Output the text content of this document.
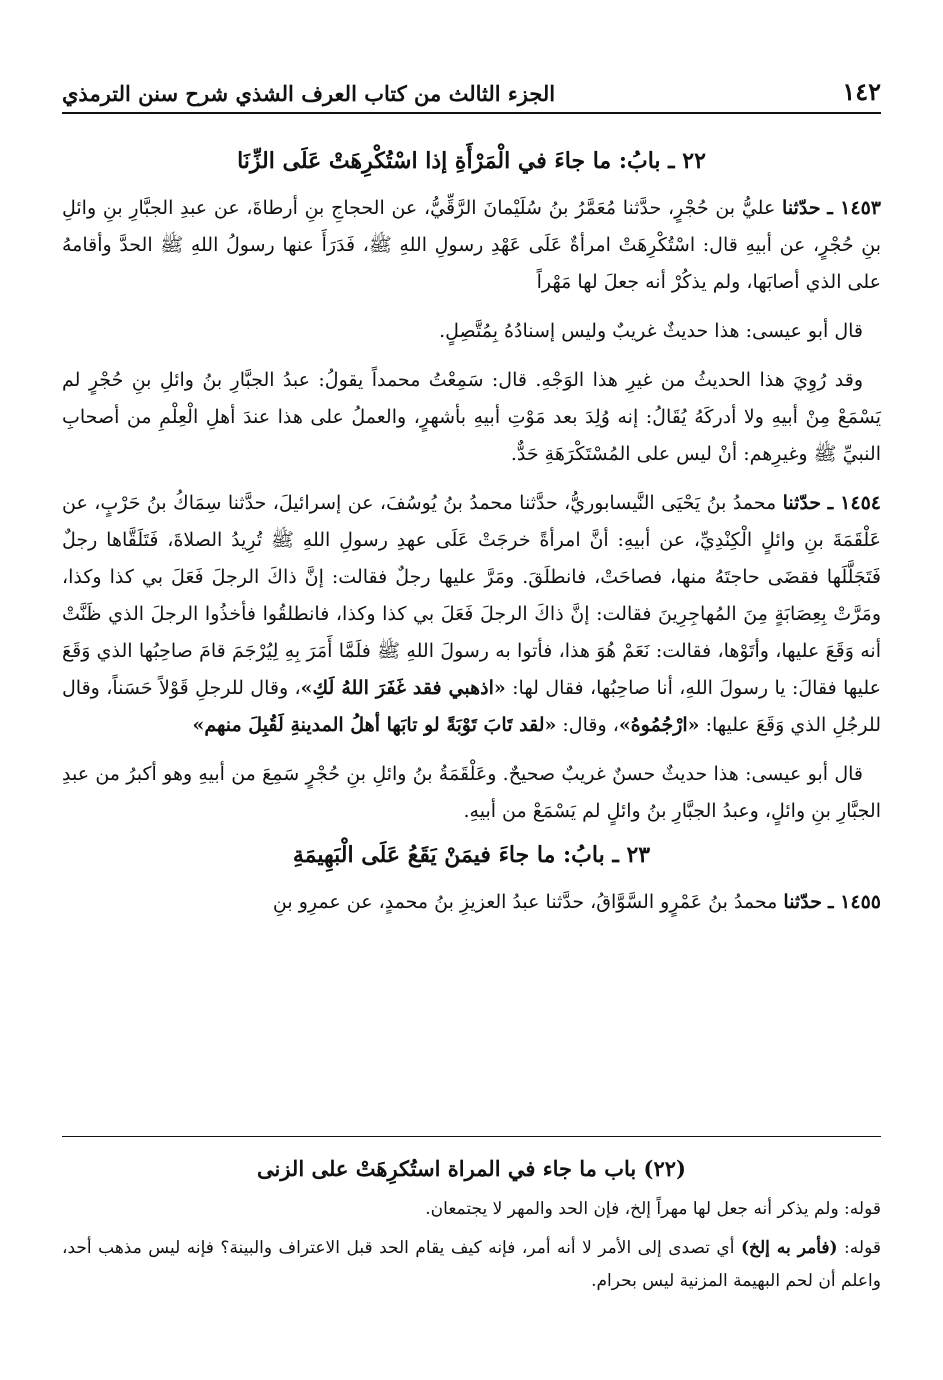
١٤٢
الجزء الثالث من كتاب العرف الشذي شرح سنن الترمذي
٢٢ ـ بابُ: ما جاءَ في الْمَرْأَةِ إذا اسْتُكْرِهَتْ عَلَى الزِّنَا

١٤٥٣ ـ حدّثنا عليُّ بن حُجْرٍ، حدَّثنا مُعَمَّرُ بنُ سُلَيْمانَ الرَّقِّيُّ، عن الحجاجِ بنِ أرطاةَ، عن عبدِ الجبَّارِ بنِ وائلِ بنِ حُجْرٍ، عن أبيهِ قال: اسْتُكْرِهَتْ امرأةٌ عَلَى عَهْدِ رسولِ اللهِ ﷺ، فَدَرَأَ عنها رسولُ اللهِ ﷺ الحدَّ وأقامهُ على الذي أصابَها، ولم يذكُرْ أنه جعلَ لها مَهْراً

قال أبو عيسى: هذا حديثٌ غريبٌ وليس إسنادُهُ بِمُتَّصِلٍ.

وقد رُوِيَ هذا الحديثُ من غيرِ هذا الوَجْهِ. قال: سَمِعْتُ محمداً يقولُ: عبدُ الجبَّارِ بنُ وائلِ بنِ حُجْرٍ لم يَسْمَعْ مِنْ أبيهِ ولا أدركَهُ يُقَالُ: إنه وُلِدَ بعد مَوْتِ أبيهِ بأشهرٍ، والعملُ على هذا عندَ أهلِ الْعِلْمِ من أصحابِ النبيِّ ﷺ وغيرِهم: أنْ ليس على المُسْتَكْرَهَةِ حَدٌّ.

١٤٥٤ ـ حدّثنا محمدُ بنُ يَحْيَى النَّيسابوريُّ، حدَّثنا محمدُ بنُ يُوسُفَ، عن إسرائيلَ، حدَّثنا سِمَاكُ بنُ حَرْبٍ، عن عَلْقَمَةَ بنِ وائلٍ الْكِنْدِيِّ، عن أبيهِ: أنَّ امرأةً خرجَتْ عَلَى عهدِ رسولِ اللهِ ﷺ تُرِيدُ الصلاةَ، فَتَلَقَّاها رجلٌ فَتَجَلَّلَها فقضَى حاجتَهُ منها، فصاحَتْ، فانطلَقَ. ومَرَّ عليها رجلٌ فقالت: إنَّ ذاكَ الرجلَ فَعَلَ بي كذا وكذا، ومَرَّتْ بِعِصَابَةٍ مِنَ المُهاجِرِينَ فقالت: إنَّ ذاكَ الرجلَ فَعَلَ بي كذا وكذا، فانطلقُوا فأخذُوا الرجلَ الذي ظَنَّتْ أنه وَقَعَ عليها، وأتَوْها، فقالت: نَعَمْ هُوَ هذا، فأتوا به رسولَ اللهِ ﷺ فلَمَّا أَمَرَ بِهِ لِيُرْجَمَ قامَ صاحِبُها الذي وَقَعَ عليها فقالَ: يا رسولَ اللهِ، أنا صاحِبُها، فقال لها: «اذهبي فقد غَفَرَ اللهُ لَكِ»، وقال للرجلِ قَوْلاً حَسَناً، وقال للرجُلِ الذي وَقَعَ عليها: «ارْجُمُوهُ»، وقال: «لقد تَابَ تَوْبَةً لو تابَها أهلُ المدينةِ لَقُبِلَ منهم»

قال أبو عيسى: هذا حديثٌ حسنٌ غريبٌ صحيحٌ. وعَلْقَمَةُ بنُ وائلِ بنِ حُجْرٍ سَمِعَ من أبيهِ وهو أكبرُ من عبدِ الجبَّارِ بنِ وائلٍ، وعبدُ الجبَّارِ بنُ وائلٍ لم يَسْمَعْ من أبيهِ.

٢٣ ـ بابُ: ما جاءَ فيمَنْ يَقَعُ عَلَى الْبَهِيمَةِ

١٤٥٥ ـ حدّثنا محمدُ بنُ عَمْرٍو السَّوَّاقُ، حدَّثنا عبدُ العزيزِ بنُ محمدٍ، عن عمرِو بنِ

(٢٢) باب ما جاء في المراة استُكرِهَتْ على الزنى

قوله: ولم يذكر أنه جعل لها مهراً إلخ، فإن الحد والمهر لا يجتمعان.

قوله: (فأمر به إلخ) أي تصدى إلى الأمر لا أنه أمر، فإنه كيف يقام الحد قبل الاعتراف والبينة؟ فإنه ليس مذهب أحد، واعلم أن لحم البهيمة المزنية ليس بحرام.
